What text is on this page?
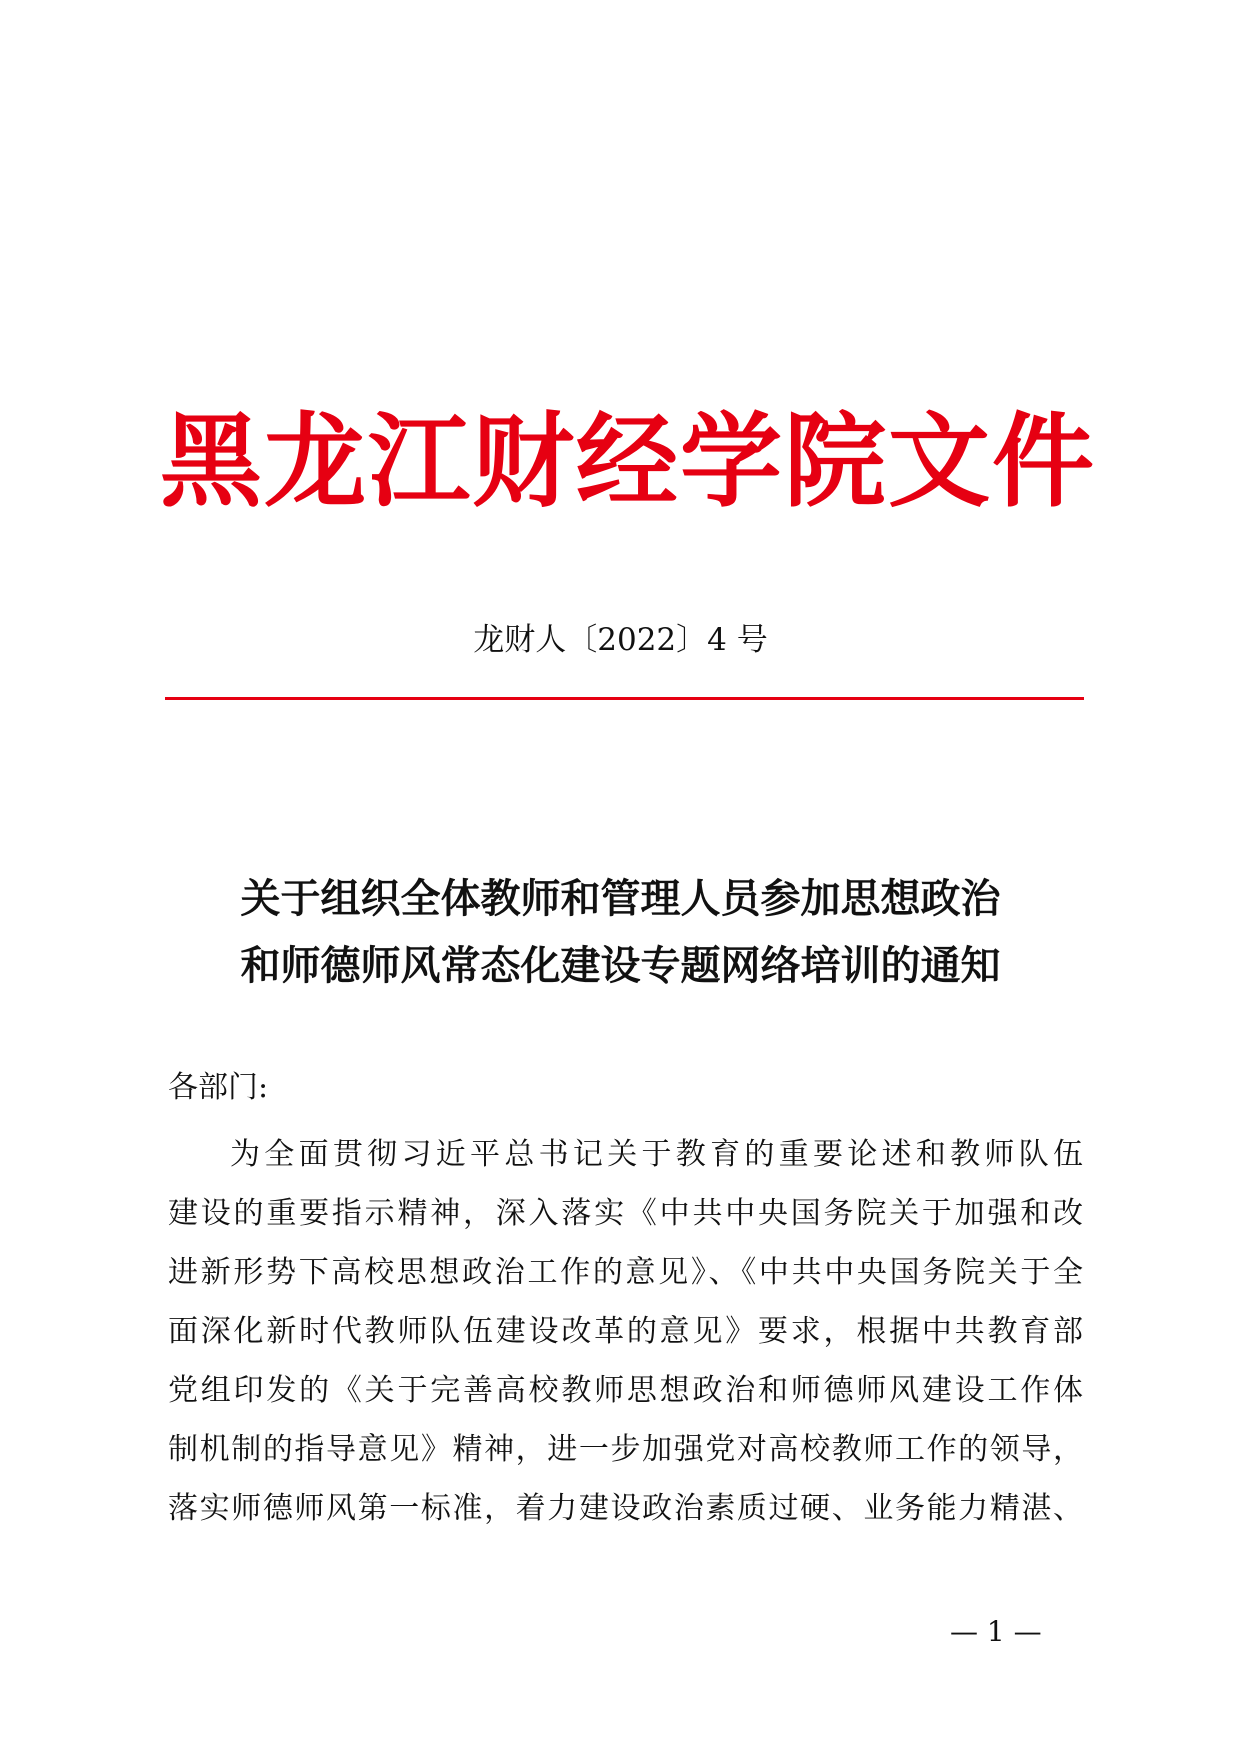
黑龙江财经学院文件
龙财人〔2022〕4 号
关于组织全体教师和管理人员参加思想政治
和师德师风常态化建设专题网络培训的通知
各部门:
为全面贯彻习近平总书记关于教育的重要论述和教师队伍
建设的重要指示精神，深入落实《中共中央国务院关于加强和改
进新形势下高校思想政治工作的意见》、《中共中央国务院关于全
面深化新时代教师队伍建设改革的意见》要求，根据中共教育部
党组印发的《关于完善高校教师思想政治和师德师风建设工作体
制机制的指导意见》精神，进一步加强党对高校教师工作的领导，
落实师德师风第一标准，着力建设政治素质过硬、业务能力精湛、
— 1 —
